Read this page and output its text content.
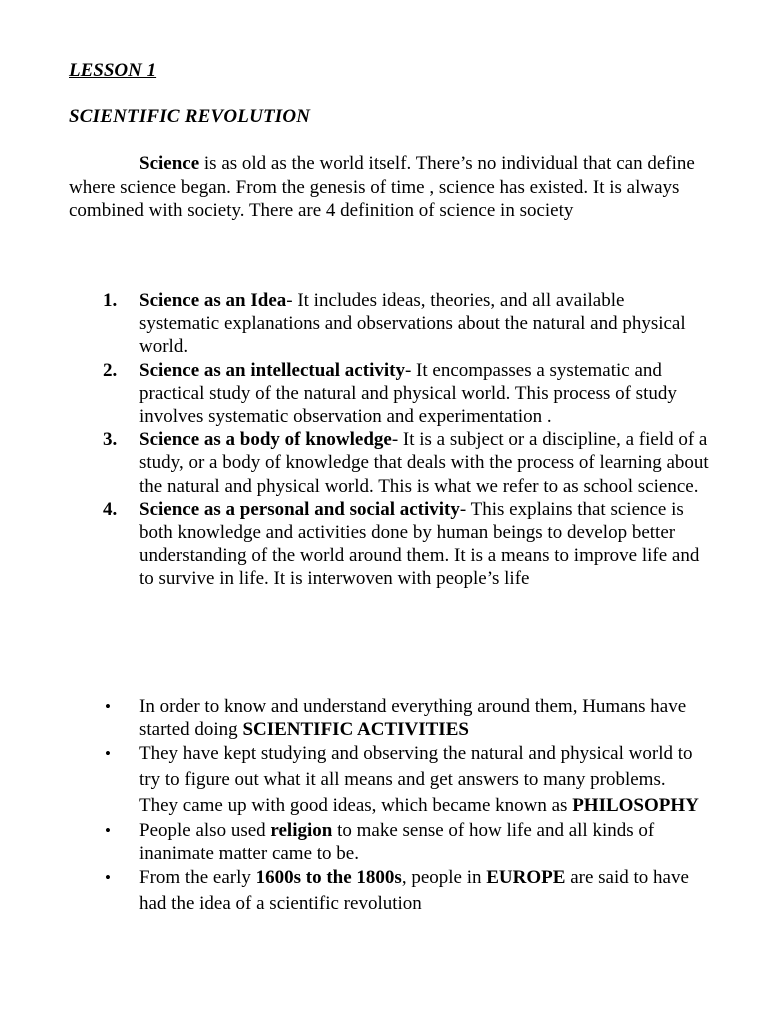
LESSON 1

SCIENTIFIC REVOLUTION

Science is as old as the world itself. There’s no individual that can define where science began. From the genesis of time , science has existed. It is always combined with society. There are 4 definition of science in society

1. Science as an Idea- It includes ideas, theories, and all available systematic explanations and observations about the natural and physical world.
2. Science as an intellectual activity- It encompasses a systematic and practical study of the natural and physical world. This process of study involves systematic observation and experimentation .
3. Science as a body of knowledge- It is a subject or a discipline, a field of a study, or a body of knowledge that deals with the process of learning about the natural and physical world. This is what we refer to as school science.
4. Science as a personal and social activity- This explains that science is both knowledge and activities done by human beings to develop better understanding of the world around them. It is a means to improve life and to survive in life. It is interwoven with people’s life
• In order to know and understand everything around them, Humans have started doing SCIENTIFIC ACTIVITIES
• They have kept studying and observing the natural and physical world to try to figure out what it all means and get answers to many problems. They came up with good ideas, which became known as PHILOSOPHY
• People also used religion to make sense of how life and all kinds of inanimate matter came to be.
• From the early 1600s to the 1800s, people in EUROPE are said to have had the idea of a scientific revolution
